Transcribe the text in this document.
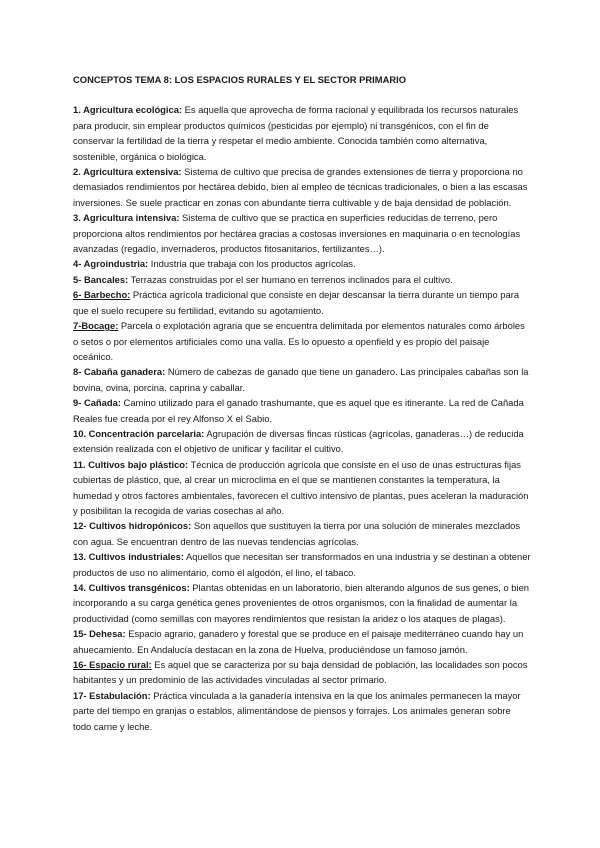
CONCEPTOS TEMA 8: LOS ESPACIOS RURALES Y EL SECTOR PRIMARIO

1. Agricultura ecológica: Es aquella que aprovecha de forma racional y equilibrada los recursos naturales para producir, sin emplear productos químicos (pesticidas por ejemplo) ni transgénicos, con el fin de conservar la fertilidad de la tierra y respetar el medio ambiente. Conocida también como alternativa, sostenible, orgánica o biológica.

2. Agricultura extensiva: Sistema de cultivo que precisa de grandes extensiones de tierra y proporciona no demasiados rendimientos por hectárea debido, bien al empleo de técnicas tradicionales, o bien a las escasas inversiones. Se suele practicar en zonas con abundante tierra cultivable y de baja densidad de población.

3. Agricultura intensiva: Sistema de cultivo que se practica en superficies reducidas de terreno, pero proporciona altos rendimientos por hectárea gracias a costosas inversiones en maquinaria o en tecnologías avanzadas (regadío, invernaderos, productos fitosanitarios, fertilizantes…).

4- Agroindustria: Industria que trabaja con los productos agrícolas.

5- Bancales: Terrazas construidas por el ser humano en terrenos inclinados para el cultivo.

6- Barbecho: Práctica agrícola tradicional que consiste en dejar descansar la tierra durante un tiempo para que el suelo recupere su fertilidad, evitando su agotamiento.

7-Bocage: Parcela o explotación agraria que se encuentra delimitada por elementos naturales como árboles o setos o por elementos artificiales como una valla. Es lo opuesto a openfield y es propio del paisaje oceánico.

8- Cabaña ganadera: Número de cabezas de ganado que tiene un ganadero. Las principales cabañas son la bovina, ovina, porcina. caprina y caballar.

9- Cañada: Camino utilizado para el ganado trashumante, que es aquel que es itinerante. La red de Cañada Reales fue creada por el rey Alfonso X el Sabio.

10. Concentración parcelaria: Agrupación de diversas fincas rústicas (agrícolas, ganaderas…) de reducida extensión realizada con el objetivo de unificar y facilitar el cultivo.

11. Cultivos bajo plástico: Técnica de producción agrícola que consiste en el uso de unas estructuras fijas cubiertas de plástico, que, al crear un microclima en el que se mantienen constantes la temperatura, la humedad y otros factores ambientales, favorecen el cultivo intensivo de plantas, pues aceleran la maduración y posibilitan la recogida de varias cosechas al año.

12- Cultivos hidropónicos: Son aquellos que sustituyen la tierra por una solución de minerales mezclados con agua. Se encuentran dentro de las nuevas tendencias agrícolas.

13. Cultivos industriales: Aquellos que necesitan ser transformados en una industria y se destinan a obtener productos de uso no alimentario, como el algodón, el lino, el tabaco.

14. Cultivos transgénicos: Plantas obtenidas en un laboratorio, bien alterando algunos de sus genes, o bien incorporando a su carga genética genes provenientes de otros organismos, con la finalidad de aumentar la productividad (como semillas con mayores rendimientos que resistan la aridez o los ataques de plagas).

15- Dehesa: Espacio agrario, ganadero y forestal que se produce en el paisaje mediterráneo cuando hay un ahuecamiento. En Andalucía destacan en la zona de Huelva, produciéndose un famoso jamón.

16- Espacio rural: Es aquel que se caracteriza por su baja densidad de población, las localidades son pocos habitantes y un predominio de las actividades vinculadas al sector primario.

17- Estabulación: Práctica vinculada a la ganadería intensiva en la que los animales permanecen la mayor parte del tiempo en granjas o establos, alimentándose de piensos y forrajes. Los animales generan sobre todo carne y leche.
